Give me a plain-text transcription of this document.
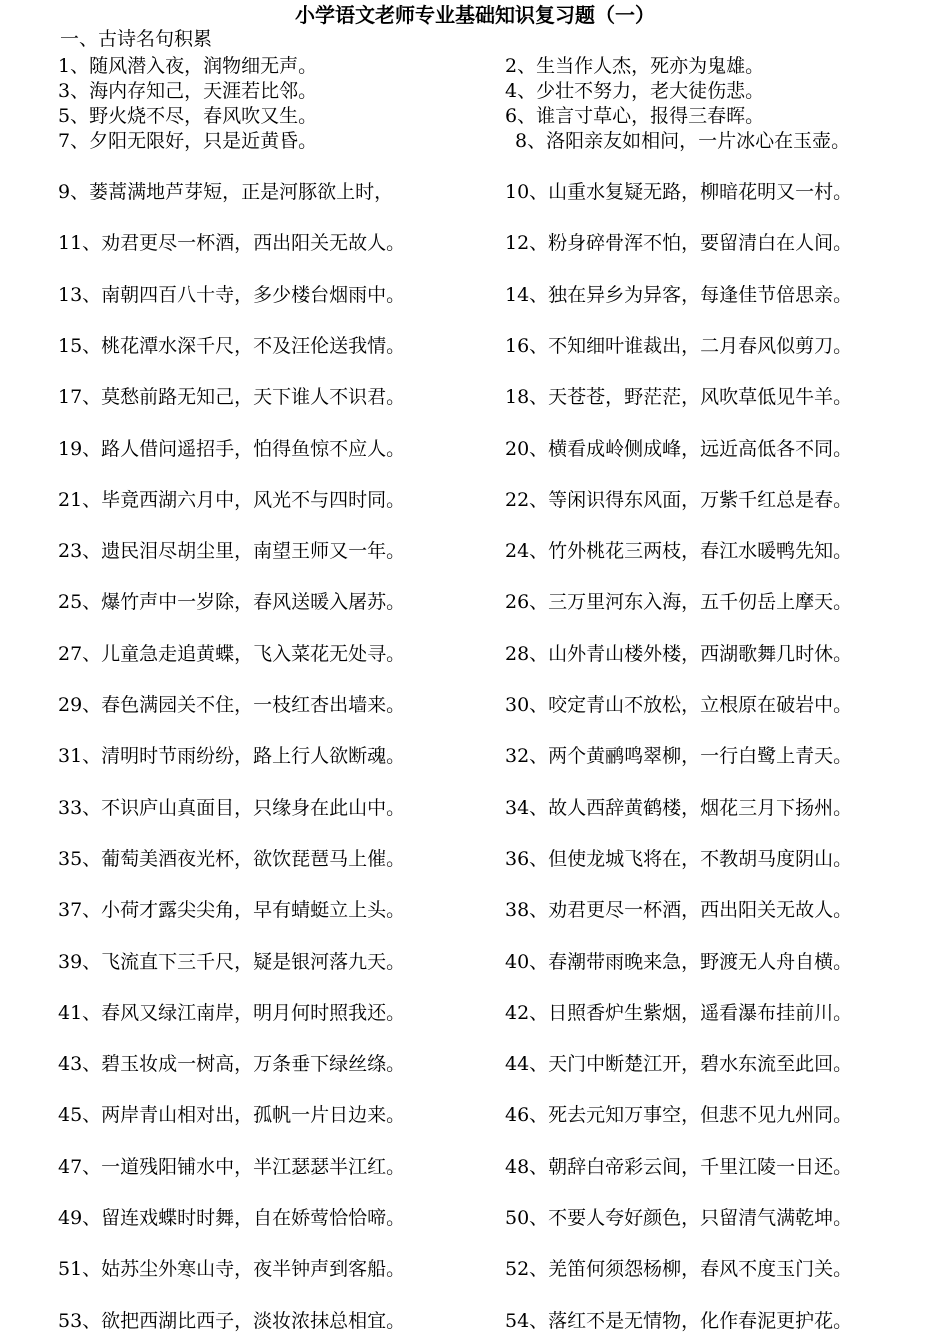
小学语文老师专业基础知识复习题（一）
一、古诗名句积累
1、随风潜入夜，润物细无声。	2、生当作人杰，死亦为鬼雄。
3、海内存知己，天涯若比邻。	4、少壮不努力，老大徒伤悲。
5、野火烧不尽，春风吹又生。	6、谁言寸草心，报得三春晖。
7、夕阳无限好，只是近黄昏。	8、洛阳亲友如相问，一片冰心在玉壶。
9、蒌蒿满地芦芽短，正是河豚欲上时，	10、山重水复疑无路，柳暗花明又一村。
11、劝君更尽一杯酒，西出阳关无故人。	12、粉身碎骨浑不怕，要留清白在人间。
13、南朝四百八十寺，多少楼台烟雨中。	14、独在异乡为异客，每逢佳节倍思亲。
15、桃花潭水深千尺，不及汪伦送我情。	16、不知细叶谁裁出，二月春风似剪刀。
17、莫愁前路无知己，天下谁人不识君。	18、天苍苍，野茫茫，风吹草低见牛羊。
19、路人借问遥招手，怕得鱼惊不应人。	20、横看成岭侧成峰，远近高低各不同。
21、毕竟西湖六月中，风光不与四时同。	22、等闲识得东风面，万紫千红总是春。
23、遗民泪尽胡尘里，南望王师又一年。	24、竹外桃花三两枝，春江水暖鸭先知。
25、爆竹声中一岁除，春风送暖入屠苏。	26、三万里河东入海，五千仞岳上摩天。
27、儿童急走追黄蝶，飞入菜花无处寻。	28、山外青山楼外楼，西湖歌舞几时休。
29、春色满园关不住，一枝红杏出墙来。	30、咬定青山不放松，立根原在破岩中。
31、清明时节雨纷纷，路上行人欲断魂。	32、两个黄鹂鸣翠柳，一行白鹭上青天。
33、不识庐山真面目，只缘身在此山中。	34、故人西辞黄鹤楼，烟花三月下扬州。
35、葡萄美酒夜光杯，欲饮琵琶马上催。	36、但使龙城飞将在，不教胡马度阴山。
37、小荷才露尖尖角，早有蜻蜓立上头。	38、劝君更尽一杯酒，西出阳关无故人。
39、飞流直下三千尺，疑是银河落九天。	40、春潮带雨晚来急，野渡无人舟自横。
41、春风又绿江南岸，明月何时照我还。	42、日照香炉生紫烟，遥看瀑布挂前川。
43、碧玉妆成一树高，万条垂下绿丝绦。	44、天门中断楚江开，碧水东流至此回。
45、两岸青山相对出，孤帆一片日边来。	46、死去元知万事空，但悲不见九州同。
47、一道残阳铺水中，半江瑟瑟半江红。	48、朝辞白帝彩云间，千里江陵一日还。
49、留连戏蝶时时舞，自在娇莺恰恰啼。	50、不要人夸好颜色，只留清气满乾坤。
51、姑苏尘外寒山寺，夜半钟声到客船。	52、羌笛何须怨杨柳，春风不度玉门关。
53、欲把西湖比西子，淡妆浓抹总相宜。	54、落红不是无情物，化作春泥更护花。
